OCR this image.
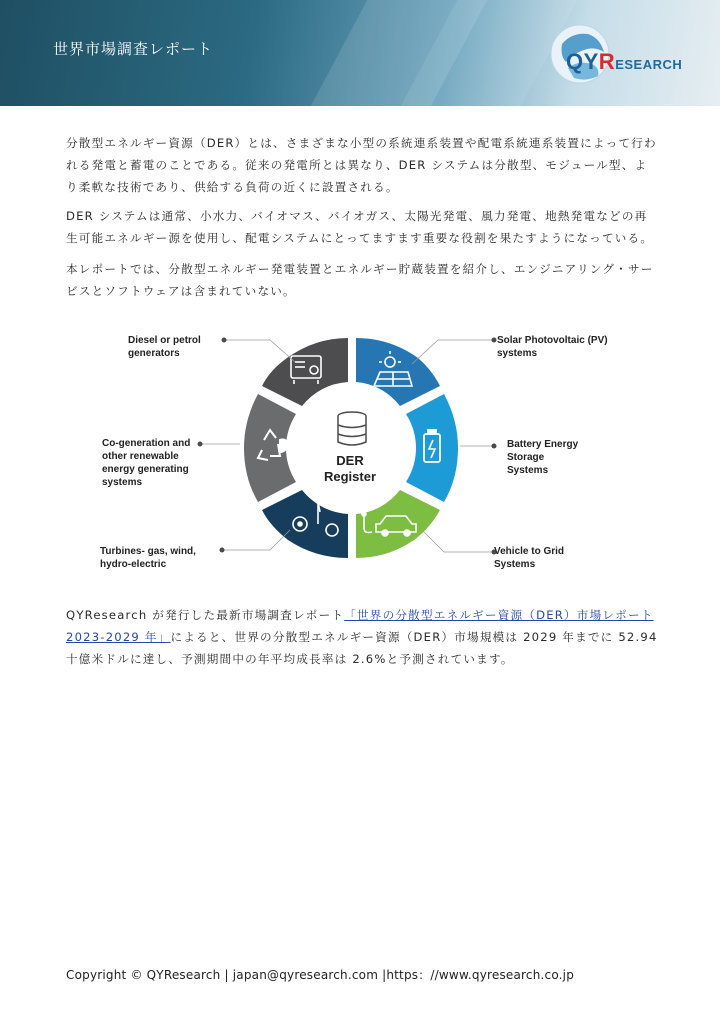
世界市場調査レポート	QYRESEARCH
分散型エネルギー資源（DER）とは、さまざまな小型の系統連系装置や配電系統連系装置によって行われる発電と蓄電のことである。従来の発電所とは異なり、DER システムは分散型、モジュール型、より柔軟な技術であり、供給する負荷の近くに設置される。
DER システムは通常、小水力、バイオマス、バイオガス、太陽光発電、風力発電、地熱発電などの再生可能エネルギー源を使用し、配電システムにとってますます重要な役割を果たすようになっている。
本レポートでは、分散型エネルギー発電装置とエネルギー貯蔵装置を紹介し、エンジニアリング・サービスとソフトウェアは含まれていない。
DER
Register
Diesel or petrol
generators
Co-generation and
other renewable
energy generating
systems
Turbines- gas, wind,
hydro-electric
Solar Photovoltaic (PV)
systems
Battery Energy
Storage
Systems
Vehicle to Grid
Systems
QYResearch が発行した最新市場調査レポート「世界の分散型エネルギー資源（DER）市場レポート2023-2029 年」によると、世界の分散型エネルギー資源（DER）市場規模は 2029 年までに 52.94 十億米ドルに達し、予測期間中の年平均成長率は 2.6%と予測されています。
Copyright © QYResearch | japan@qyresearch.com |https：//www.qyresearch.co.jp
